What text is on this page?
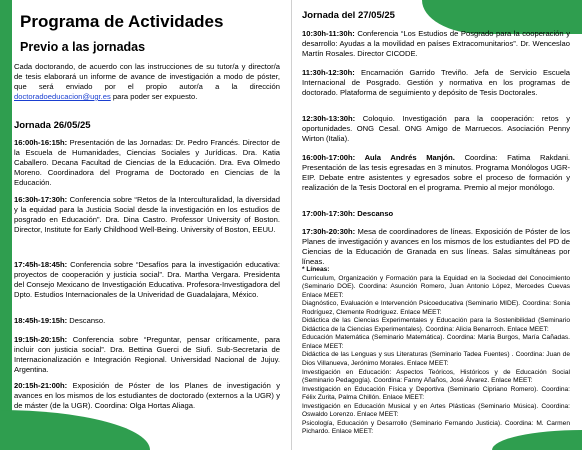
Programa de Actividades
Previo a las jornadas

Cada doctorando, de acuerdo con las instrucciones de su tutor/a y director/a de tesis elaborará un informe de avance de investigación a modo de póster, que será enviado por el propio autor/a a la dirección doctoradoeducacion@ugr.es para poder ser expuesto.

Jornada 26/05/25

16:00h-16:15h: Presentación de las Jornadas: Dr. Pedro Francés. Director de la Escuela de Humanidades, Ciencias Sociales y Jurídicas. Dra. Katia Caballero. Decana Facultad de Ciencias de la Educación. Dra. Eva Olmedo Moreno. Coordinadora del Programa de Doctorado en Ciencias de la Educación.

16:30h-17:30h: Conferencia sobre “Retos de la Interculturalidad, la diversidad y la equidad para la Justicia Social desde la investigación en los estudios de posgrado en Educación”. Dra. Dina Castro. Professor University of Boston. Director, Institute for Early Childhood Well-Being. University of Boston, EEUU.

17:45h-18:45h: Conferencia sobre “Desafíos para la investigación educativa: proyectos de cooperación y justicia social”. Dra. Martha Vergara. Presidenta del Consejo Mexicano de Investigación Educativa. Profesora-Investigadora del Dpto. Estudios Internacionales de la Univeridad de Guadalajara, México.

18:45h-19:15h: Descanso.

19:15h-20:15h: Conferencia sobre “Preguntar, pensar críticamente, para incluir con justicia social”. Dra. Bettina Guerci de Siufi. Sub-Secretaria de Internacionalización e Integración Regional. Universidad Nacional de Jujuy. Argentina.

20:15h-21:00h: Exposición de Póster de los Planes de investigación y avances en los mismos de los estudiantes de doctorado (externos a la UGR) y de máster (de la UGR). Coordina: Olga Hortas Aliaga.

Jornada del 27/05/25

10:30h-11:30h: Conferencia “Los Estudios de Posgrado para la cooperación y desarrollo: Ayudas a la movilidad en países Extracomunitarios”. Dr. Wenceslao Martín Rosales. Director CICODE.

11:30h-12:30h: Encarnación Garrido Treviño. Jefa de Servicio Escuela Internacional de Posgrado. Gestión y normativa en los programas de doctorado. Plataforma de seguimiento y depósito de Tesis Doctorales.

12:30h-13:30h: Coloquio. Investigación para la cooperación: retos y oportunidades. ONG Cesal. ONG Amigo de Marruecos. Asociación Penny Wirton (Italia).

16:00h-17:00h: Aula Andrés Manjón. Coordina: Fatima Rakdani. Presentación de las tesis egresadas en 3 minutos. Programa Monólogos UGR-EIP. Debate entre asistentes y egresados sobre el proceso de formación y realización de la Tesis Doctoral en el programa. Premio al mejor monólogo.

17:00h-17:30h: Descanso

17:30h-20:30h: Mesa de coordinadores de líneas. Exposición de Póster de los Planes de investigación y avances en los mismos de los estudiantes del PD de Ciencias de la Educación de Granada en sus líneas. Salas simultáneas por líneas.

* Líneas:
Curriculum, Organización y Formación para la Equidad en la Sociedad del Conocimiento (Seminario DOE). Coordina: Asunción Romero, Juan Antonio López, Mercedes Cuevas Enlace MEET:
Diagnóstico, Evaluación e Intervención Psicoeducativa (Seminario MIDE). Coordina: Sonia Rodríguez, Clemente Rodríguez. Enlace MEET:
Didáctica de las Ciencias Experimentales y Educación para la Sostenibilidad (Seminario Didáctica de la Ciencias Experimentales). Coordina: Alicia Benarroch. Enlace MEET:
Educación Matemática (Seminario Matemática). Coordina: María Burgos, María Cañadas. Enlace MEET:
Didáctica de las Lenguas y sus Literaturas (Seminario Tadea Fuentes) . Coordina: Juan de Dios Villanueva, Jerónimo Morales. Enlace MEET:
Investigación en Educación: Aspectos Teóricos, Históricos y de Educación Social (Seminario Pedagogía). Coordina: Fanny Añaños, José Álvarez. Enlace MEET:
Investigación en Educación Física y Deportiva (Seminario Cipriano Romero). Coordina: Félix Zurita, Palma Chillón. Enlace MEET:
Investigación en Educación Musical y en Artes Plásticas (Seminario Música). Coordina: Oswaldo Lorenzo. Enlace MEET:
Psicología, Educación y Desarrollo (Seminario Fernando Justicia). Coordina: M. Carmen Pichardo. Enlace MEET:
